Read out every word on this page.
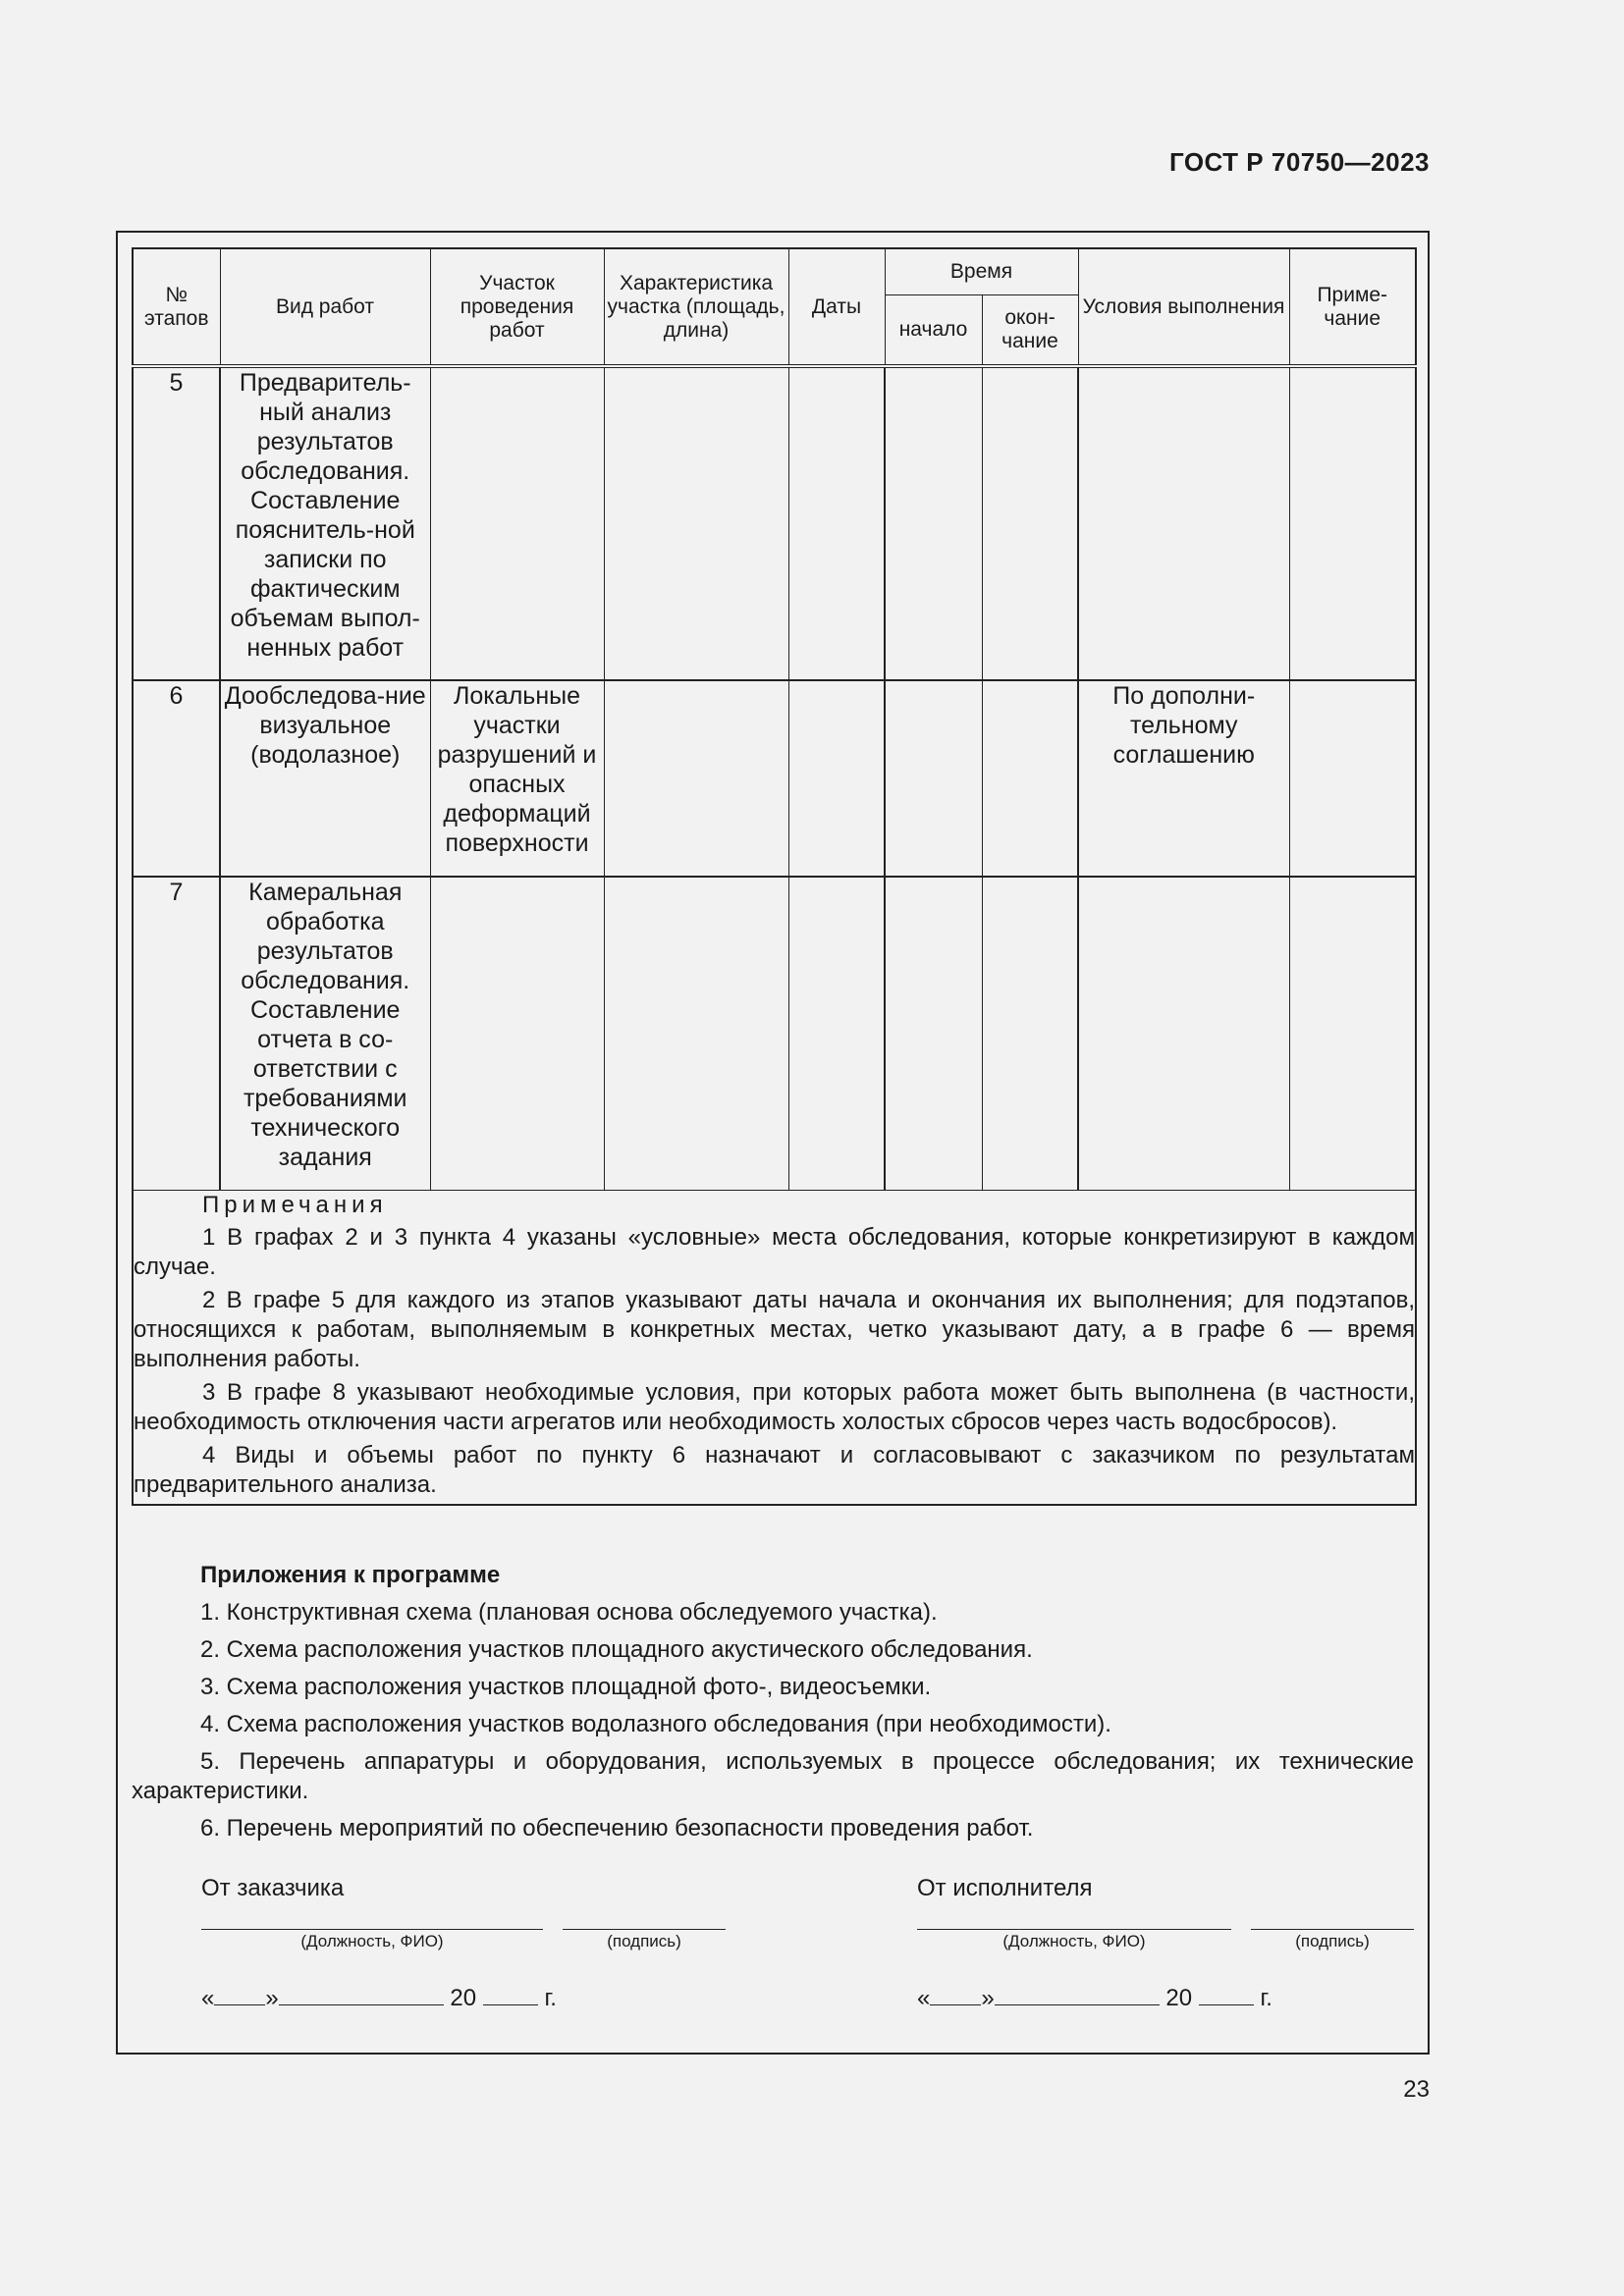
ГОСТ Р 70750—2023
№ этапов	Вид работ	Участок проведения работ	Характеристика участка (площадь, длина)	Даты	Время		Условия выполнения	Приме-чание
					начало	окон-чание		
5	Предваритель-ный анализ результатов обследования. Составление пояснитель-ной записки по фактическим объемам выпол-ненных работ							
6	Дообследова-ние визуальное (водолазное)	Локальные участки разрушений и опасных деформаций поверхности					По дополни-тельному соглашению	
7	Камеральная обработка результатов обследования. Составление отчета в со-ответствии с требованиями технического задания							

Примечания

1 В графах 2 и 3 пункта 4 указаны «условные» места обследования, которые конкретизируют в каждом случае.

2 В графе 5 для каждого из этапов указывают даты начала и окончания их выполнения; для подэтапов, относящихся к работам, выполняемым в конкретных местах, четко указывают дату, а в графе 6 — время выполнения работы.

3 В графе 8 указывают необходимые условия, при которых работа может быть выполнена (в частности, необходимость отключения части агрегатов или необходимость холостых сбросов через часть водосбросов).

4 Виды и объемы работ по пункту 6 назначают и согласовывают с заказчиком по результатам предварительного анализа.								

Приложения к программе

1. Конструктивная схема (плановая основа обследуемого участка).

2. Схема расположения участков площадного акустического обследования.

3. Схема расположения участков площадной фото-, видеосъемки.

4. Схема расположения участков водолазного обследования (при необходимости).

5. Перечень аппаратуры и оборудования, используемых в процессе обследования; их технические характеристики.

6. Перечень мероприятий по обеспечению безопасности проведения работ.

От заказчика
(Должность, ФИО)	(подпись)
« »	20	г.
От исполнителя
(Должность, ФИО)	(подпись)
« »	20	г.
23
